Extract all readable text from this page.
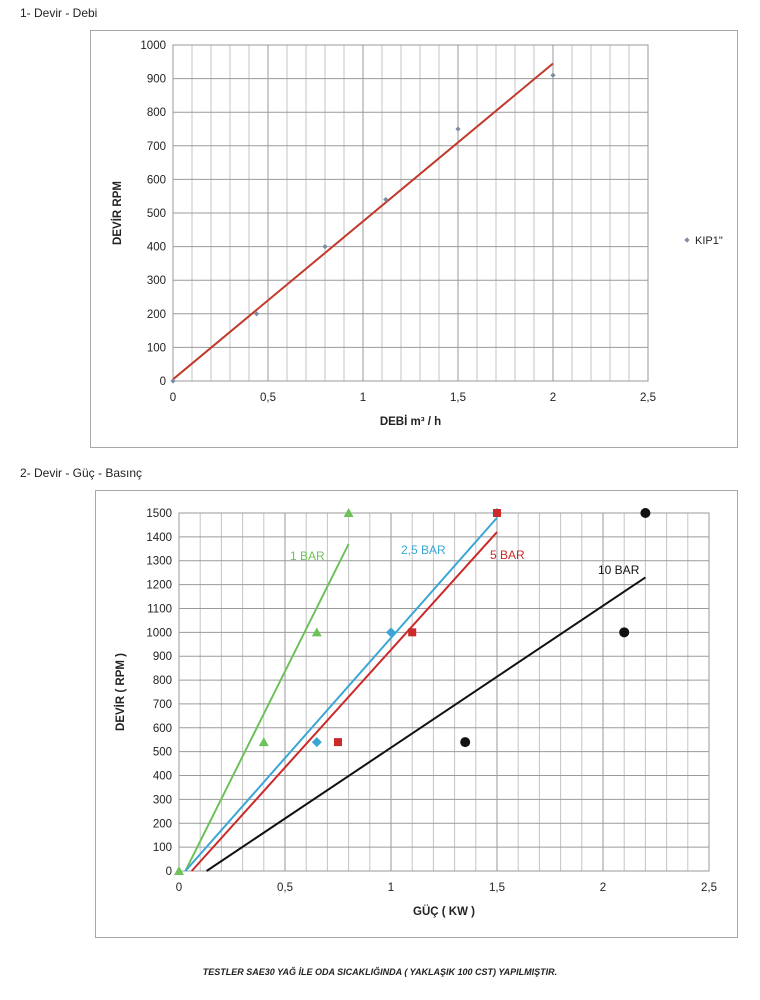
1- Devir - Debi
0
100
200
300
400
500
600
700
800
900
1000
0	0,5	1	1,5	2	2,5
DEBİ m³ / h
DEVİR RPM	KIP1"
2- Devir - Güç - Basınç
0
100
200
300
400
500
600
700
800
900
1000
1100
1200
1300
1400
1500
0	0,5	1	1,5	2	2,5
GÜÇ ( KW )
DEVİR ( RPM )
1 BAR	2,5 BAR	5 BAR
10 BAR
TESTLER SAE30 YAĞ İLE ODA SICAKLIĞINDA ( YAKLAŞIK 100 CST) YAPILMIŞTIR.
